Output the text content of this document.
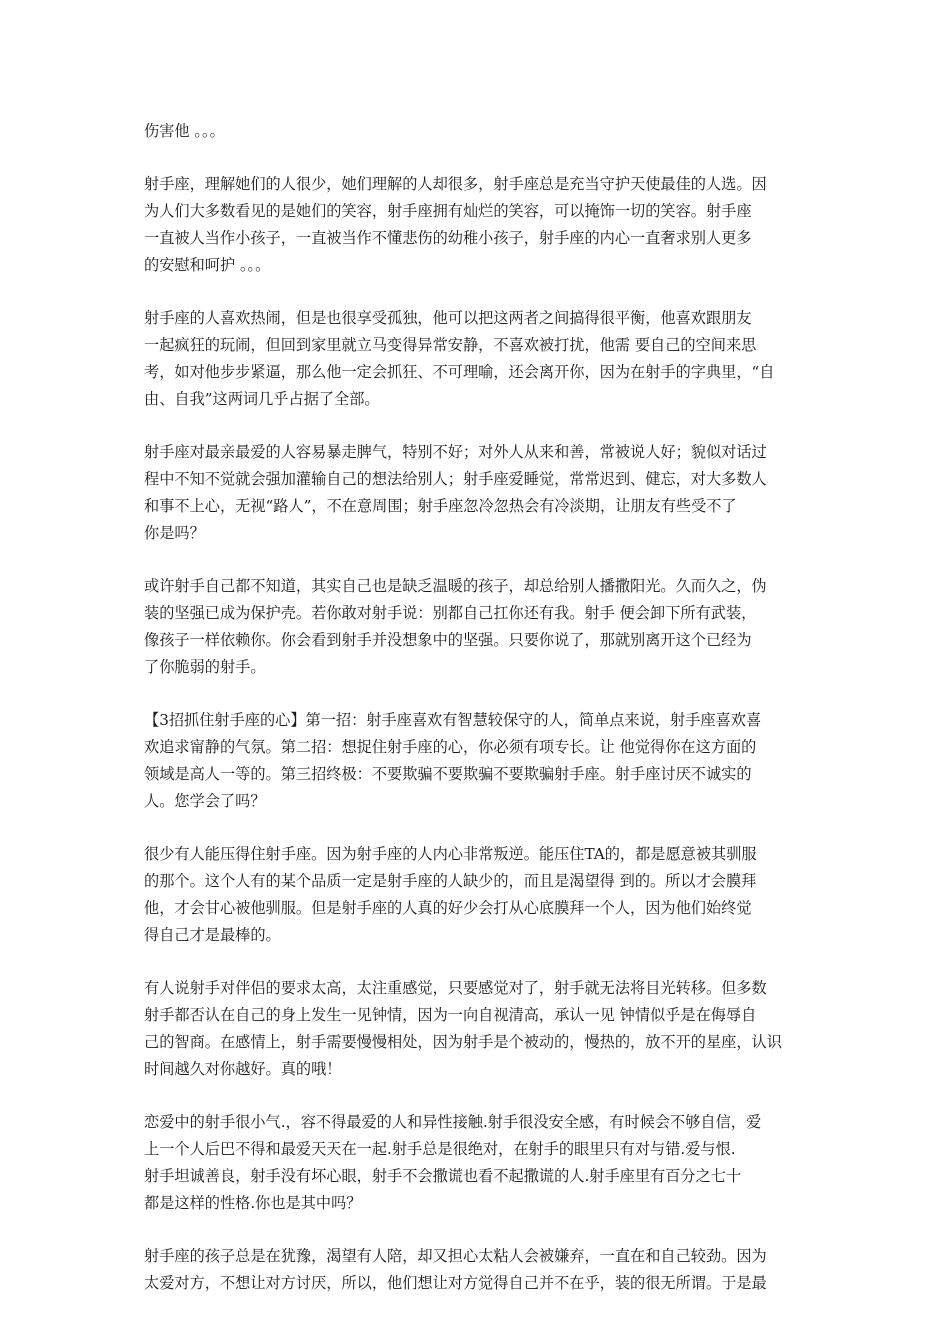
伤害他 。。。

射手座，理解她们的人很少，她们理解的人却很多，射手座总是充当守护天使最佳的人选。因
为人们大多数看见的是她们的笑容，射手座拥有灿烂的笑容，可以掩饰一切的笑容。射手座
一直被人当作小孩子，一直被当作不懂悲伤的幼稚小孩子，射手座的内心一直奢求别人更多
的安慰和呵护 。。。

射手座的人喜欢热闹，但是也很享受孤独，他可以把这两者之间搞得很平衡，他喜欢跟朋友
一起疯狂的玩闹，但回到家里就立马变得异常安静，不喜欢被打扰，他需 要自己的空间来思
考，如对他步步紧逼，那么他一定会抓狂、不可理喻，还会离开你，因为在射手的字典里，“自
由、自我”这两词几乎占据了全部。

射手座对最亲最爱的人容易暴走脾气，特别不好；对外人从来和善，常被说人好；貌似对话过
程中不知不觉就会强加灌输自己的想法给别人；射手座爱睡觉，常常迟到、健忘，对大多数人
和事不上心，无视“路人”，不在意周围；射手座忽冷忽热会有冷淡期，让朋友有些受不了
你是吗？

或许射手自己都不知道，其实自己也是缺乏温暖的孩子，却总给别人播撒阳光。久而久之，伪
装的坚强已成为保护壳。若你敢对射手说：别都自己扛你还有我。射手 便会卸下所有武装，
像孩子一样依赖你。你会看到射手并没想象中的坚强。只要你说了，那就别离开这个已经为
了你脆弱的射手。

【3招抓住射手座的心】第一招：射手座喜欢有智慧较保守的人，简单点来说，射手座喜欢喜
欢追求甯静的气氛。第二招：想捉住射手座的心，你必须有项专长。让 他觉得你在这方面的
领域是高人一等的。第三招终极：不要欺骗不要欺骗不要欺骗射手座。射手座讨厌不诚实的
人。您学会了吗？

很少有人能压得住射手座。因为射手座的人内心非常叛逆。能压住TA的，都是愿意被其驯服
的那个。这个人有的某个品质一定是射手座的人缺少的，而且是渴望得 到的。所以才会膜拜
他，才会甘心被他驯服。但是射手座的人真的好少会打从心底膜拜一个人，因为他们始终觉
得自己才是最棒的。

有人说射手对伴侣的要求太高，太注重感觉，只要感觉对了，射手就无法将目光转移。但多数
射手都否认在自己的身上发生一见钟情，因为一向自视清高，承认一见 钟情似乎是在侮辱自
己的智商。在感情上，射手需要慢慢相处，因为射手是个被动的，慢热的，放不开的星座，认识
时间越久对你越好。真的哦！

恋爱中的射手很小气.，容不得最爱的人和异性接触.射手很没安全感，有时候会不够自信，爱
上一个人后巴不得和最爱天天在一起.射手总是很绝对，在射手的眼里只有对与错.爱与恨.
射手坦诚善良，射手没有坏心眼，射手不会撒谎也看不起撒谎的人.射手座里有百分之七十
都是这样的性格.你也是其中吗？

射手座的孩子总是在犹豫，渴望有人陪，却又担心太粘人会被嫌弃，一直在和自己较劲。因为
太爱对方，不想让对方讨厌，所以，他们想让对方觉得自己并不在乎，装的很无所谓。于是最
